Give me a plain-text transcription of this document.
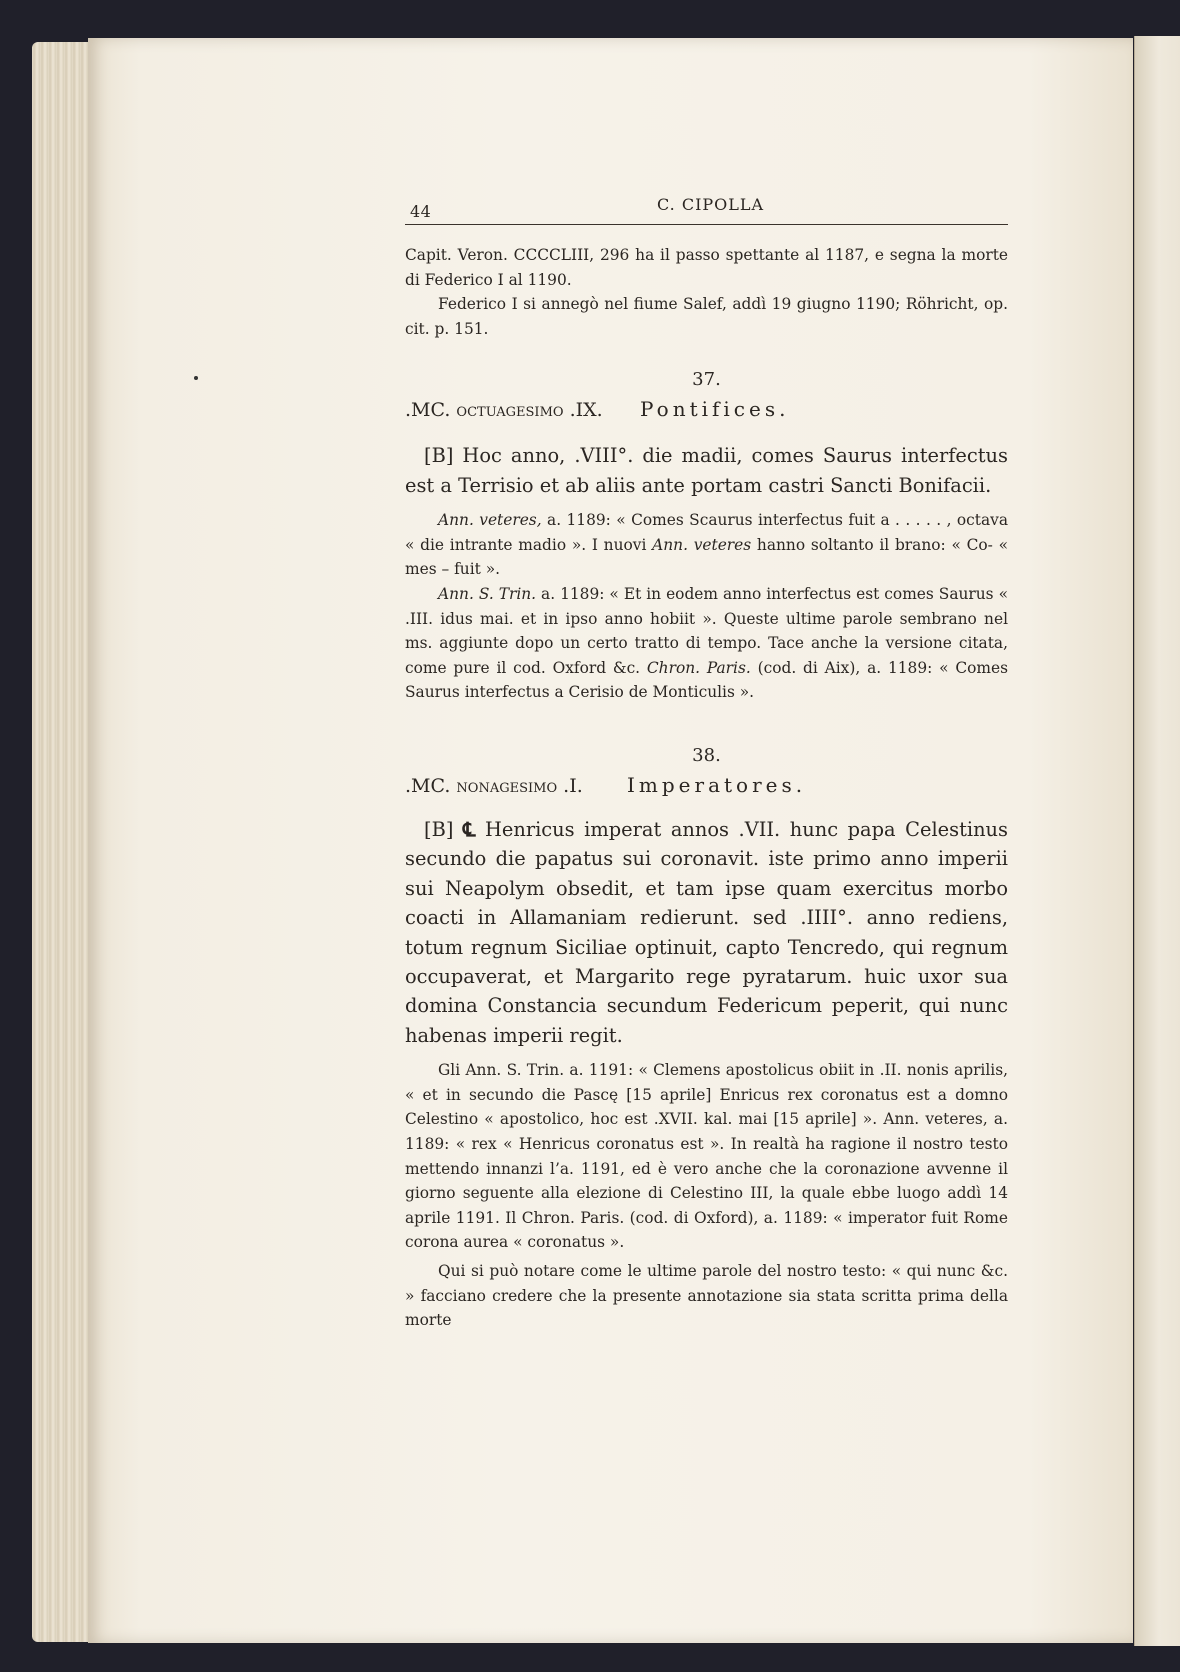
44	C. CIPOLLA

Capit. Veron. CCCCLIII, 296 ha il passo spettante al 1187, e segna la morte di Federico I al 1190.

Federico I si annegò nel fiume Salef, addì 19 giugno 1190; Röhricht, op. cit. p. 151.

37.
.MC. octuagesimo .IX. Pontifices.

[B] Hoc anno, .VIII°. die madii, comes Saurus interfectus est a Terrisio et ab aliis ante portam castri Sancti Bonifacii.

Ann. veteres, a. 1189: « Comes Scaurus interfectus fuit a . . . . . , octava « die intrante madio ». I nuovi Ann. veteres hanno soltanto il brano: « Co- « mes – fuit ».

Ann. S. Trin. a. 1189: « Et in eodem anno interfectus est comes Saurus « .III. idus mai. et in ipso anno hobiit ». Queste ultime parole sembrano nel ms. aggiunte dopo un certo tratto di tempo. Tace anche la versione citata, come pure il cod. Oxford &c. Chron. Paris. (cod. di Aix), a. 1189: « Comes Saurus interfectus a Cerisio de Monticulis ».

38.
.MC. nonagesimo .I. Imperatores.

[B] ℄ Henricus imperat annos .VII. hunc papa Celestinus secundo die papatus sui coronavit. iste primo anno imperii sui Neapolym obsedit, et tam ipse quam exercitus morbo coacti in Allamaniam redierunt. sed .IIII°. anno rediens, totum regnum Siciliae optinuit, capto Tencredo, qui regnum occupaverat, et Margarito rege pyratarum. huic uxor sua domina Constancia secundum Federicum peperit, qui nunc habenas imperii regit.

Gli Ann. S. Trin. a. 1191: « Clemens apostolicus obiit in .II. nonis aprilis, « et in secundo die Pascę [15 aprile] Enricus rex coronatus est a domno Celestino « apostolico, hoc est .XVII. kal. mai [15 aprile] ». Ann. veteres, a. 1189: « rex « Henricus coronatus est ». In realtà ha ragione il nostro testo mettendo innanzi l’a. 1191, ed è vero anche che la coronazione avvenne il giorno seguente alla elezione di Celestino III, la quale ebbe luogo addì 14 aprile 1191. Il Chron. Paris. (cod. di Oxford), a. 1189: « imperator fuit Rome corona aurea « coronatus ».

Qui si può notare come le ultime parole del nostro testo: « qui nunc &c. » facciano credere che la presente annotazione sia stata scritta prima della morte
